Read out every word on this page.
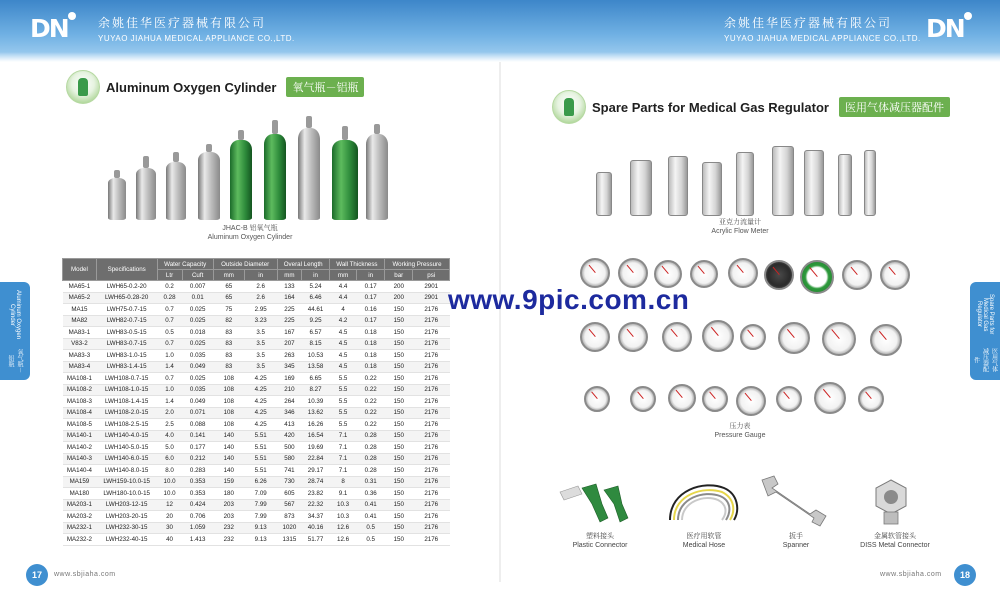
DN	余姚佳华医疗器械有限公司
YUYAO JIAHUA MEDICAL APPLIANCE CO.,LTD.
余姚佳华医疗器械有限公司
YUYAO JIAHUA MEDICAL APPLIANCE CO.,LTD. DN
Aluminum Oxygen Cylinder	氧气瓶－铝瓶
JHAC-B 铝氧气瓶
Aluminum Oxygen Cylinder
Model	Specifications	Water Capacity		Outside Diameter		Overal Length		Wall Thickness		Working Pressure	
		Ltr	Cuft	mm	in	mm	in	mm	in	bar	psi
MA65-1	LWH65-0.2-20	0.2	0.007	65	2.6	133	5.24	4.4	0.17	200	2901
MA65-2	LWH65-0.28-20	0.28	0.01	65	2.6	164	6.46	4.4	0.17	200	2901
MA15	LWH75-0.7-15	0.7	0.025	75	2.95	225	44.61	4	0.16	150	2176
MA82	LWH82-0.7-15	0.7	0.025	82	3.23	225	9.25	4.2	0.17	150	2176
MA83-1	LWH83-0.5-15	0.5	0.018	83	3.5	167	6.57	4.5	0.18	150	2176
V83-2	LWH83-0.7-15	0.7	0.025	83	3.5	207	8.15	4.5	0.18	150	2176
MA83-3	LWH83-1.0-15	1.0	0.035	83	3.5	263	10.53	4.5	0.18	150	2176
MA83-4	LWH83-1.4-15	1.4	0.049	83	3.5	345	13.58	4.5	0.18	150	2176
MA108-1	LWH108-0.7-15	0.7	0.025	108	4.25	169	6.65	5.5	0.22	150	2176
MA108-2	LWH108-1.0-15	1.0	0.035	108	4.25	210	8.27	5.5	0.22	150	2176
MA108-3	LWH108-1.4-15	1.4	0.049	108	4.25	264	10.39	5.5	0.22	150	2176
MA108-4	LWH108-2.0-15	2.0	0.071	108	4.25	346	13.62	5.5	0.22	150	2176
MA108-5	LWH108-2.5-15	2.5	0.088	108	4.25	413	16.26	5.5	0.22	150	2176
MA140-1	LWH140-4.0-15	4.0	0.141	140	5.51	420	16.54	7.1	0.28	150	2176
MA140-2	LWH140-5.0-15	5.0	0.177	140	5.51	500	19.69	7.1	0.28	150	2176
MA140-3	LWH140-6.0-15	6.0	0.212	140	5.51	580	22.84	7.1	0.28	150	2176
MA140-4	LWH140-8.0-15	8.0	0.283	140	5.51	741	29.17	7.1	0.28	150	2176
MA159	LWH159-10.0-15	10.0	0.353	159	6.26	730	28.74	8	0.31	150	2176
MA180	LWH180-10.0-15	10.0	0.353	180	7.09	605	23.82	9.1	0.36	150	2176
MA203-1	LWH203-12-15	12	0.424	203	7.99	567	22.32	10.3	0.41	150	2176
MA203-2	LWH203-20-15	20	0.706	203	7.99	873	34.37	10.3	0.41	150	2176
MA232-1	LWH232-30-15	30	1.059	232	9.13	1020	40.16	12.6	0.5	150	2176
MA232-2	LWH232-40-15	40	1.413	232	9.13	1315	51.77	12.6	0.5	150	2176
Aluminum Oxygen Cylinder
氧气瓶－铝瓶
17	www.sbjiaha.com
Spare Parts for Medical Gas Regulator	医用气体减压器配件
亚克力流量计
Acrylic Flow Meter
压力表
Pressure Gauge
塑料接头
Plastic Connector
医疗用软管
Medical Hose
扳手
Spanner
金属软管接头
DISS Metal Connector
Spare Parts for Medical Gas Regulator
医用气体减压器配件
www.sbjiaha.com	18
www.9pic.com.cn
